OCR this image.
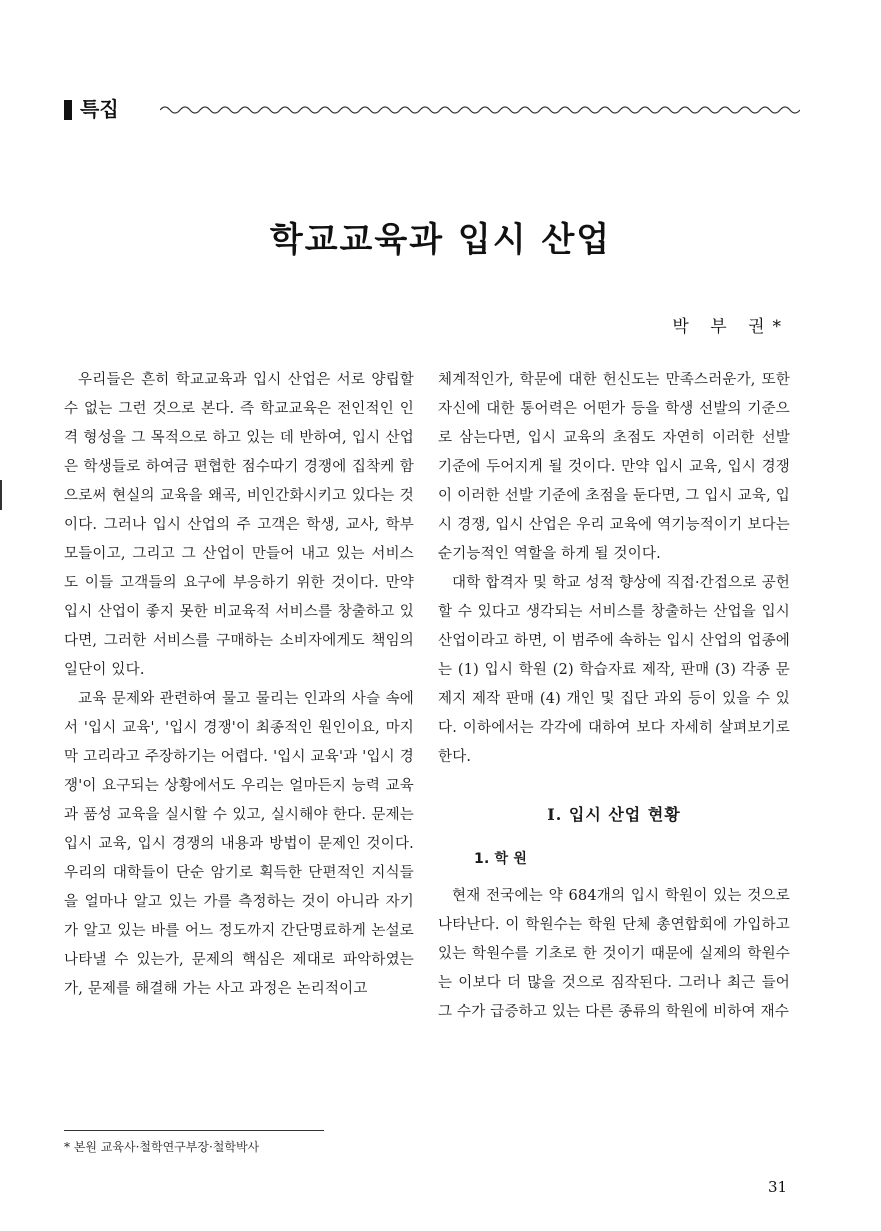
특집
학교교육과 입시 산업
박 부 권*

우리들은 흔히 학교교육과 입시 산업은 서로 양립할 수 없는 그런 것으로 본다. 즉 학교교육은 전인적인 인격 형성을 그 목적으로 하고 있는 데 반하여, 입시 산업은 학생들로 하여금 편협한 점수따기 경쟁에 집착케 함으로써 현실의 교육을 왜곡, 비인간화시키고 있다는 것이다. 그러나 입시 산업의 주 고객은 학생, 교사, 학부모들이고, 그리고 그 산업이 만들어 내고 있는 서비스도 이들 고객들의 요구에 부응하기 위한 것이다. 만약 입시 산업이 좋지 못한 비교육적 서비스를 창출하고 있다면, 그러한 서비스를 구매하는 소비자에게도 책임의 일단이 있다.

교육 문제와 관련하여 물고 물리는 인과의 사슬 속에서 '입시 교육', '입시 경쟁'이 최종적인 원인이요, 마지막 고리라고 주장하기는 어렵다. '입시 교육'과 '입시 경쟁'이 요구되는 상황에서도 우리는 얼마든지 능력 교육과 품성 교육을 실시할 수 있고, 실시해야 한다. 문제는 입시 교육, 입시 경쟁의 내용과 방법이 문제인 것이다. 우리의 대학들이 단순 암기로 획득한 단편적인 지식들을 얼마나 알고 있는 가를 측정하는 것이 아니라 자기가 알고 있는 바를 어느 정도까지 간단명료하게 논설로 나타낼 수 있는가, 문제의 핵심은 제대로 파악하였는가, 문제를 해결해 가는 사고 과정은 논리적이고

체계적인가, 학문에 대한 헌신도는 만족스러운가, 또한 자신에 대한 통어력은 어떤가 등을 학생 선발의 기준으로 삼는다면, 입시 교육의 초점도 자연히 이러한 선발 기준에 두어지게 될 것이다. 만약 입시 교육, 입시 경쟁이 이러한 선발 기준에 초점을 둔다면, 그 입시 교육, 입시 경쟁, 입시 산업은 우리 교육에 역기능적이기 보다는 순기능적인 역할을 하게 될 것이다.

대학 합격자 및 학교 성적 향상에 직접·간접으로 공헌할 수 있다고 생각되는 서비스를 창출하는 산업을 입시 산업이라고 하면, 이 범주에 속하는 입시 산업의 업종에는 (1) 입시 학원 (2) 학습자료 제작, 판매 (3) 각종 문제지 제작 판매 (4) 개인 및 집단 과외 등이 있을 수 있다. 이하에서는 각각에 대하여 보다 자세히 살펴보기로 한다.

Ⅰ. 입시 산업 현황
1. 학 원

현재 전국에는 약 684개의 입시 학원이 있는 것으로 나타난다. 이 학원수는 학원 단체 총연합회에 가입하고 있는 학원수를 기초로 한 것이기 때문에 실제의 학원수는 이보다 더 많을 것으로 짐작된다. 그러나 최근 들어 그 수가 급증하고 있는 다른 종류의 학원에 비하여 재수

* 본원 교육사·철학연구부장·철학박사
31
